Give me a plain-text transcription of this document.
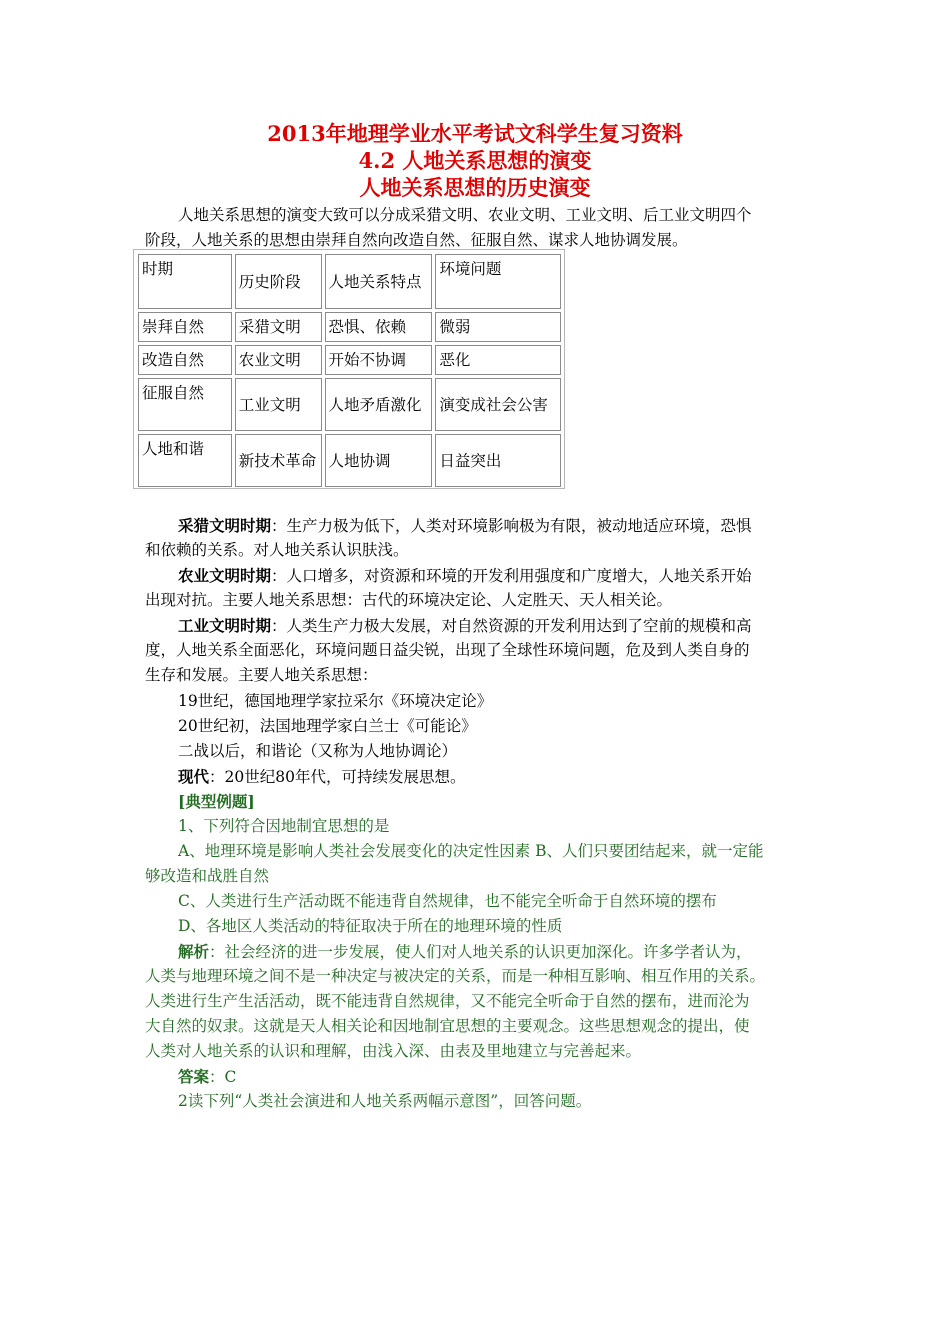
2013年地理学业水平考试文科学生复习资料
4.2 人地关系思想的演变
人地关系思想的历史演变
人地关系思想的演变大致可以分成采猎文明、农业文明、工业文明、后工业文明四个
阶段，人地关系的思想由崇拜自然向改造自然、征服自然、谋求人地协调发展。
时期	历史阶段	人地关系特点	环境问题
崇拜自然	采猎文明	恐惧、依赖	微弱
改造自然	农业文明	开始不协调	恶化
征服自然	工业文明	人地矛盾激化	演变成社会公害
人地和谐	新技术革命	人地协调	日益突出
采猎文明时期：生产力极为低下，人类对环境影响极为有限，被动地适应环境，恐惧
和依赖的关系。对人地关系认识肤浅。
农业文明时期：人口增多，对资源和环境的开发利用强度和广度增大，人地关系开始
出现对抗。主要人地关系思想：古代的环境决定论、人定胜天、天人相关论。
工业文明时期：人类生产力极大发展，对自然资源的开发利用达到了空前的规模和高
度，人地关系全面恶化，环境问题日益尖锐，出现了全球性环境问题，危及到人类自身的
生存和发展。主要人地关系思想：
19世纪，德国地理学家拉采尔《环境决定论》
20世纪初，法国地理学家白兰士《可能论》
二战以后，和谐论（又称为人地协调论）
现代：20世纪80年代，可持续发展思想。
[典型例题]
1、下列符合因地制宜思想的是
A、地理环境是影响人类社会发展变化的决定性因素 B、人们只要团结起来，就一定能
够改造和战胜自然
C、人类进行生产活动既不能违背自然规律，也不能完全听命于自然环境的摆布
D、各地区人类活动的特征取决于所在的地理环境的性质
解析：社会经济的进一步发展，使人们对人地关系的认识更加深化。许多学者认为，
人类与地理环境之间不是一种决定与被决定的关系，而是一种相互影响、相互作用的关系。
人类进行生产生活活动，既不能违背自然规律，又不能完全听命于自然的摆布，进而沦为
大自然的奴隶。这就是天人相关论和因地制宜思想的主要观念。这些思想观念的提出，使
人类对人地关系的认识和理解，由浅入深、由表及里地建立与完善起来。
答案：C
2读下列“人类社会演进和人地关系两幅示意图”，回答问题。
